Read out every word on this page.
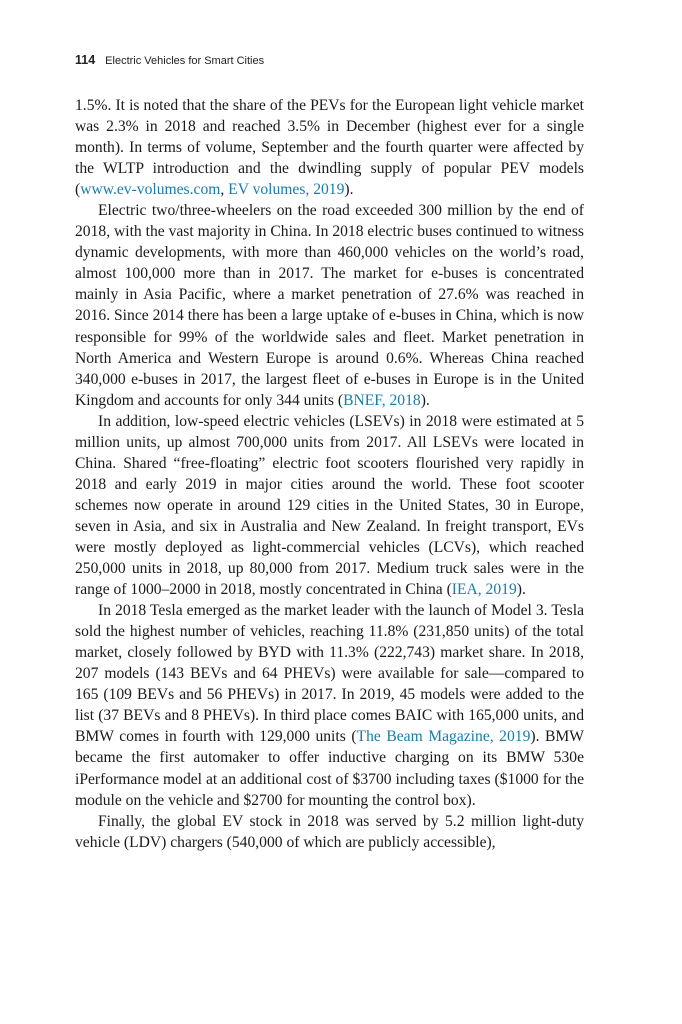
114 Electric Vehicles for Smart Cities

1.5%. It is noted that the share of the PEVs for the European light vehicle market was 2.3% in 2018 and reached 3.5% in December (highest ever for a single month). In terms of volume, September and the fourth quarter were affected by the WLTP introduction and the dwindling supply of popular PEV models (www.ev-volumes.com, EV volumes, 2019).

Electric two/three-wheelers on the road exceeded 300 million by the end of 2018, with the vast majority in China. In 2018 electric buses continued to witness dynamic developments, with more than 460,000 vehicles on the world’s road, almost 100,000 more than in 2017. The market for e-buses is concentrated mainly in Asia Pacific, where a market penetration of 27.6% was reached in 2016. Since 2014 there has been a large uptake of e-buses in China, which is now responsible for 99% of the worldwide sales and fleet. Market penetration in North America and Western Europe is around 0.6%. Whereas China reached 340,000 e-buses in 2017, the largest fleet of e-buses in Europe is in the United Kingdom and accounts for only 344 units (BNEF, 2018).

In addition, low-speed electric vehicles (LSEVs) in 2018 were estimated at 5 million units, up almost 700,000 units from 2017. All LSEVs were located in China. Shared “free-floating” electric foot scooters flourished very rapidly in 2018 and early 2019 in major cities around the world. These foot scooter schemes now operate in around 129 cities in the United States, 30 in Europe, seven in Asia, and six in Australia and New Zealand. In freight transport, EVs were mostly deployed as light-commercial vehicles (LCVs), which reached 250,000 units in 2018, up 80,000 from 2017. Medium truck sales were in the range of 1000–2000 in 2018, mostly concentrated in China (IEA, 2019).

In 2018 Tesla emerged as the market leader with the launch of Model 3. Tesla sold the highest number of vehicles, reaching 11.8% (231,850 units) of the total market, closely followed by BYD with 11.3% (222,743) market share. In 2018, 207 models (143 BEVs and 64 PHEVs) were available for sale—compared to 165 (109 BEVs and 56 PHEVs) in 2017. In 2019, 45 models were added to the list (37 BEVs and 8 PHEVs). In third place comes BAIC with 165,000 units, and BMW comes in fourth with 129,000 units (The Beam Magazine, 2019). BMW became the first automaker to offer inductive charging on its BMW 530e iPerformance model at an additional cost of $3700 including taxes ($1000 for the module on the vehicle and $2700 for mounting the control box).

Finally, the global EV stock in 2018 was served by 5.2 million light-duty vehicle (LDV) chargers (540,000 of which are publicly accessible),
